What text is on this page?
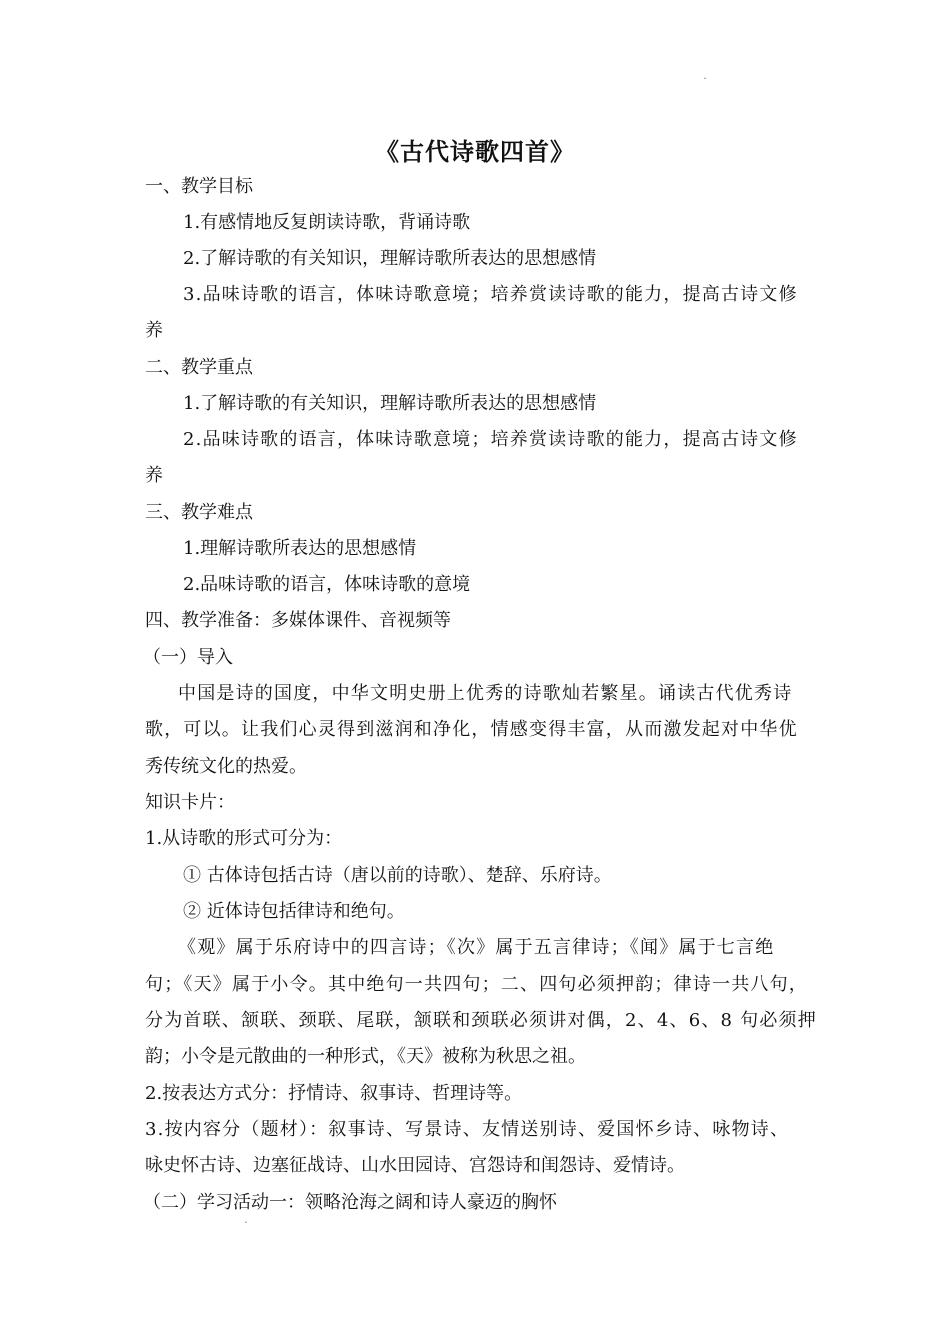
ˇ
《古代诗歌四首》
一、教学目标
1.有感情地反复朗读诗歌，背诵诗歌
2.了解诗歌的有关知识，理解诗歌所表达的思想感情
3.品味诗歌的语言，体味诗歌意境；培养赏读诗歌的能力，提高古诗文修
养
二、教学重点
1.了解诗歌的有关知识，理解诗歌所表达的思想感情
2.品味诗歌的语言，体味诗歌意境；培养赏读诗歌的能力，提高古诗文修
养
三、教学难点
1.理解诗歌所表达的思想感情
2.品味诗歌的语言，体味诗歌的意境
四、教学准备：多媒体课件、音视频等
（一）导入
中国是诗的国度，中华文明史册上优秀的诗歌灿若繁星。诵读古代优秀诗
歌，可以。让我们心灵得到滋润和净化，情感变得丰富，从而激发起对中华优
秀传统文化的热爱。
知识卡片：
1.从诗歌的形式可分为：
① 古体诗包括古诗（唐以前的诗歌）、楚辞、乐府诗。
② 近体诗包括律诗和绝句。
《观》属于乐府诗中的四言诗；《次》属于五言律诗；《闻》属于七言绝
句；《天》属于小令。其中绝句一共四句；二、四句必须押韵；律诗一共八句，
分为首联、颔联、颈联、尾联，颔联和颈联必须讲对偶，2、4、6、8 句必须押
韵；小令是元散曲的一种形式，《天》被称为秋思之祖。
2.按表达方式分：抒情诗、叙事诗、哲理诗等。
3.按内容分（题材）：叙事诗、写景诗、友情送别诗、爱国怀乡诗、咏物诗、
咏史怀古诗、边塞征战诗、山水田园诗、宫怨诗和闺怨诗、爱情诗。
（二）学习活动一：领略沧海之阔和诗人豪迈的胸怀
ˇ
